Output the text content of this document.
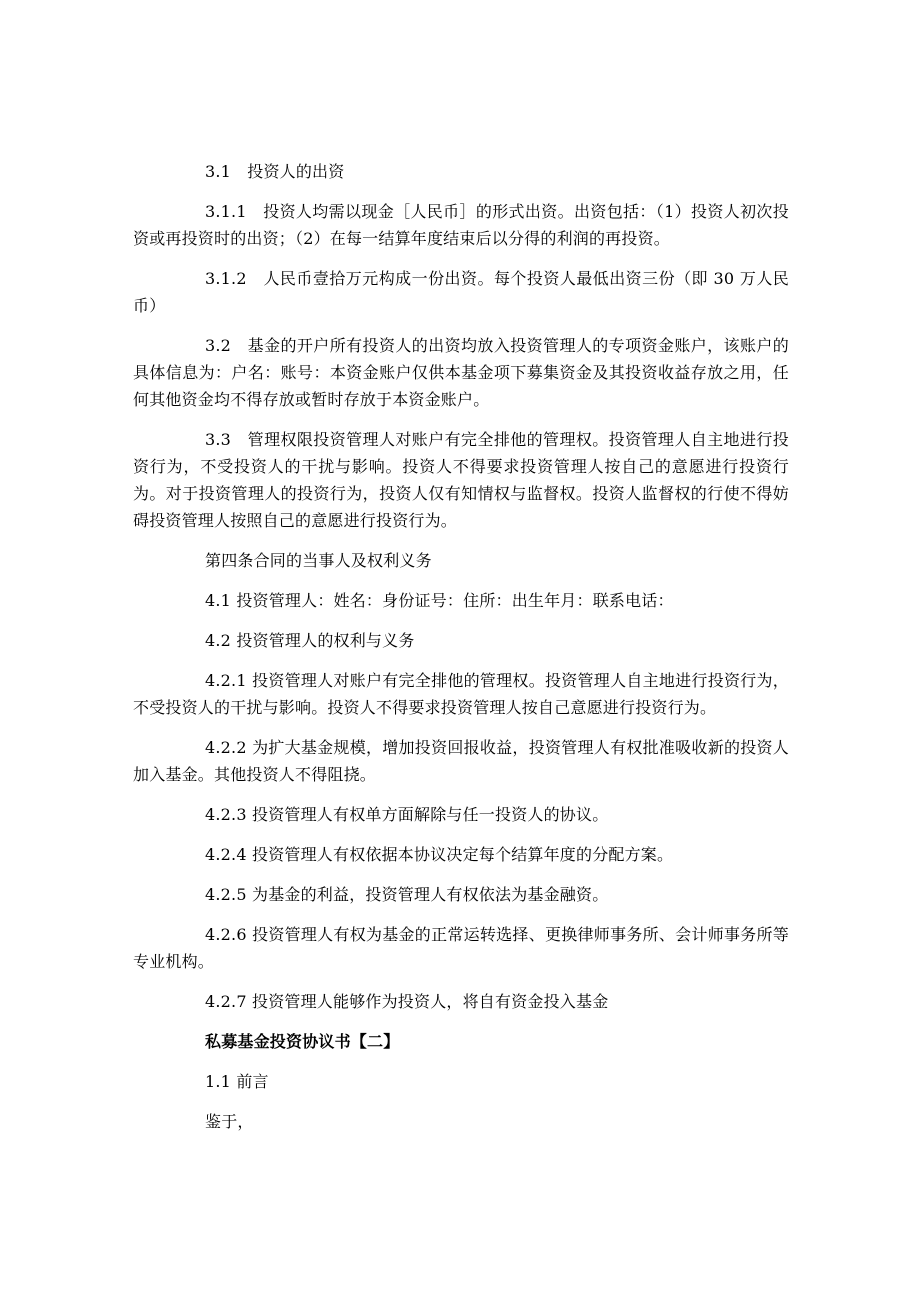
3.1　投资人的出资

3.1.1　投资人均需以现金［人民币］的形式出资。出资包括：（1）投资人初次投资或再投资时的出资；（2）在每一结算年度结束后以分得的利润的再投资。

3.1.2　人民币壹拾万元构成一份出资。每个投资人最低出资三份（即 30 万人民币）

3.2　基金的开户所有投资人的出资均放入投资管理人的专项资金账户，该账户的具体信息为：户名：账号：本资金账户仅供本基金项下募集资金及其投资收益存放之用，任何其他资金均不得存放或暂时存放于本资金账户。

3.3　管理权限投资管理人对账户有完全排他的管理权。投资管理人自主地进行投资行为，不受投资人的干扰与影响。投资人不得要求投资管理人按自己的意愿进行投资行为。对于投资管理人的投资行为，投资人仅有知情权与监督权。投资人监督权的行使不得妨碍投资管理人按照自己的意愿进行投资行为。

第四条合同的当事人及权利义务

4.1 投资管理人：姓名：身份证号：住所：出生年月：联系电话：

4.2 投资管理人的权利与义务

4.2.1 投资管理人对账户有完全排他的管理权。投资管理人自主地进行投资行为，不受投资人的干扰与影响。投资人不得要求投资管理人按自己意愿进行投资行为。

4.2.2 为扩大基金规模，增加投资回报收益，投资管理人有权批准吸收新的投资人加入基金。其他投资人不得阻挠。

4.2.3 投资管理人有权单方面解除与任一投资人的协议。

4.2.4 投资管理人有权依据本协议决定每个结算年度的分配方案。

4.2.5 为基金的利益，投资管理人有权依法为基金融资。

4.2.6 投资管理人有权为基金的正常运转选择、更换律师事务所、会计师事务所等专业机构。

4.2.7 投资管理人能够作为投资人，将自有资金投入基金

私募基金投资协议书【二】

1.1 前言

鉴于，
